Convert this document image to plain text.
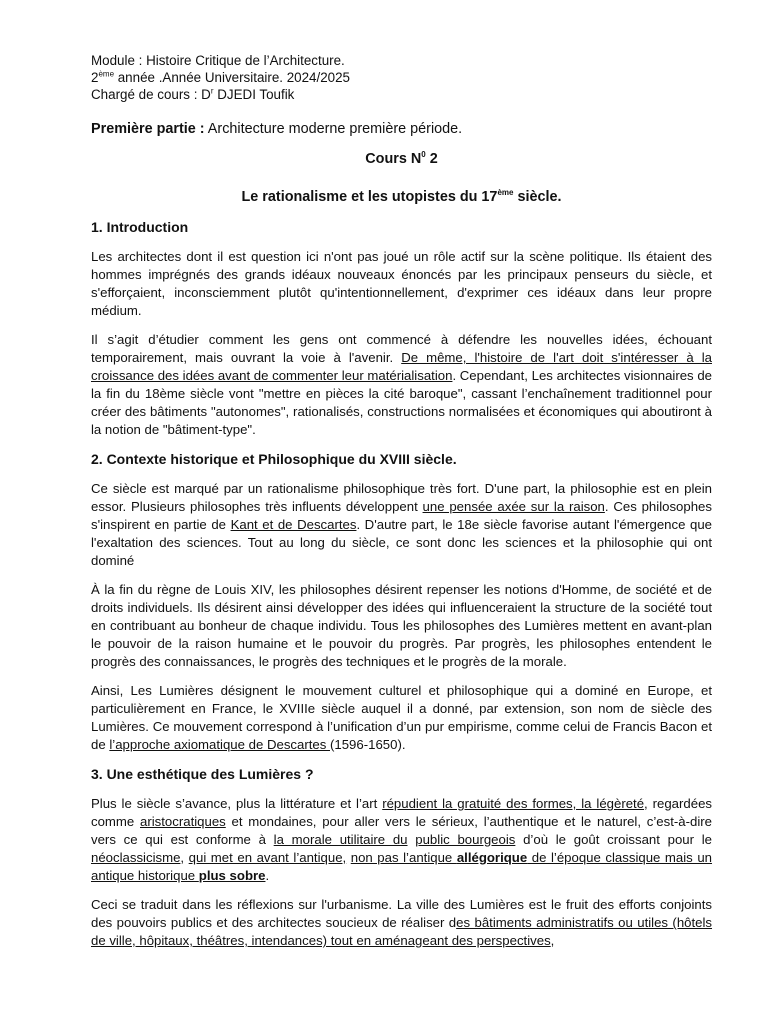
Module : Histoire Critique de l’Architecture.

2ème année .Année Universitaire. 2024/2025

Chargé de cours : $D^r$ DJEDI Toufik

Première partie : Architecture moderne première période.
Cours $N^0$ 2
Le rationalisme et les utopistes du 17ème siècle.
1. Introduction

Les architectes dont il est question ici n'ont pas joué un rôle actif sur la scène politique. Ils étaient des hommes imprégnés des grands idéaux nouveaux énoncés par les principaux penseurs du siècle, et s'efforçaient, inconsciemment plutôt qu'intentionnellement, d'exprimer ces idéaux dans leur propre médium.

Il s’agit d’étudier comment les gens ont commencé à défendre les nouvelles idées, échouant temporairement, mais ouvrant la voie à l'avenir. De même, l'histoire de l'art doit s'intéresser à la croissance des idées avant de commenter leur matérialisation. Cependant, Les architectes visionnaires de la fin du 18ème siècle vont "mettre en pièces la cité baroque", cassant l’enchaînement traditionnel pour créer des bâtiments "autonomes", rationalisés, constructions normalisées et économiques qui aboutiront à la notion de "bâtiment-type".

2. Contexte historique et Philosophique du XVIII siècle.

Ce siècle est marqué par un rationalisme philosophique très fort. D'une part, la philosophie est en plein essor. Plusieurs philosophes très influents développent une pensée axée sur la raison. Ces philosophes s'inspirent en partie de Kant et de Descartes. D'autre part, le 18e siècle favorise autant l'émergence que l'exaltation des sciences. Tout au long du siècle, ce sont donc les sciences et la philosophie qui ont dominé

À la fin du règne de Louis XIV, les philosophes désirent repenser les notions d'Homme, de société et de droits individuels. Ils désirent ainsi développer des idées qui influenceraient la structure de la société tout en contribuant au bonheur de chaque individu. Tous les philosophes des Lumières mettent en avant-plan le pouvoir de la raison humaine et le pouvoir du progrès. Par progrès, les philosophes entendent le progrès des connaissances, le progrès des techniques et le progrès de la morale.

Ainsi, Les Lumières désignent le mouvement culturel et philosophique qui a dominé en Europe, et particulièrement en France, le XVIIIe siècle auquel il a donné, par extension, son nom de siècle des Lumières. Ce mouvement correspond à l’unification d’un pur empirisme, comme celui de Francis Bacon et de l’approche axiomatique de Descartes (1596-1650).

3. Une esthétique des Lumières ?

Plus le siècle s’avance, plus la littérature et l’art répudient la gratuité des formes, la légèreté, regardées comme aristocratiques et mondaines, pour aller vers le sérieux, l’authentique et le naturel, c’est-à-dire vers ce qui est conforme à la morale utilitaire du public bourgeois d’où le goût croissant pour le néoclassicisme, qui met en avant l’antique, non pas l’antique allégorique de l’époque classique mais un antique historique plus sobre.

Ceci se traduit dans les réflexions sur l'urbanisme. La ville des Lumières est le fruit des efforts conjoints des pouvoirs publics et des architectes soucieux de réaliser des bâtiments administratifs ou utiles (hôtels de ville, hôpitaux, théâtres, intendances) tout en aménageant des perspectives,
